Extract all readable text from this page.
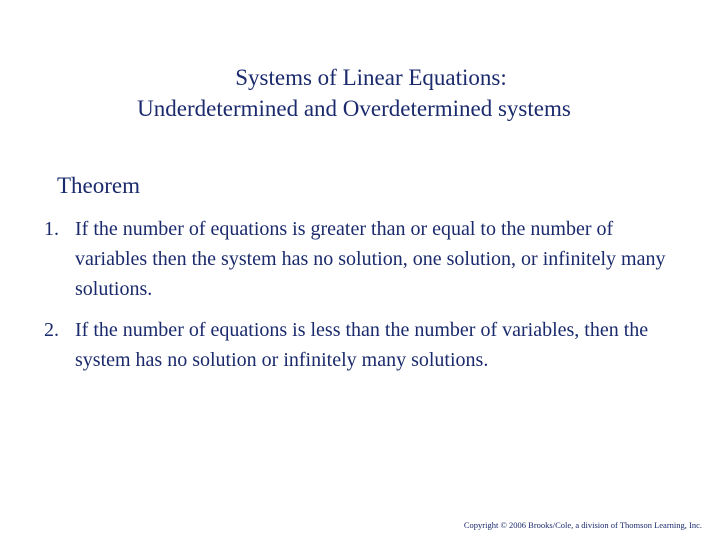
Systems of Linear Equations:
Underdetermined and Overdetermined systems
Theorem
1. If the number of equations is greater than or equal to the number of variables then the system has no solution, one solution, or infinitely many solutions.
2. If the number of equations is less than the number of variables, then the system has no solution or infinitely many solutions.
Copyright © 2006 Brooks/Cole, a division of Thomson Learning, Inc.
